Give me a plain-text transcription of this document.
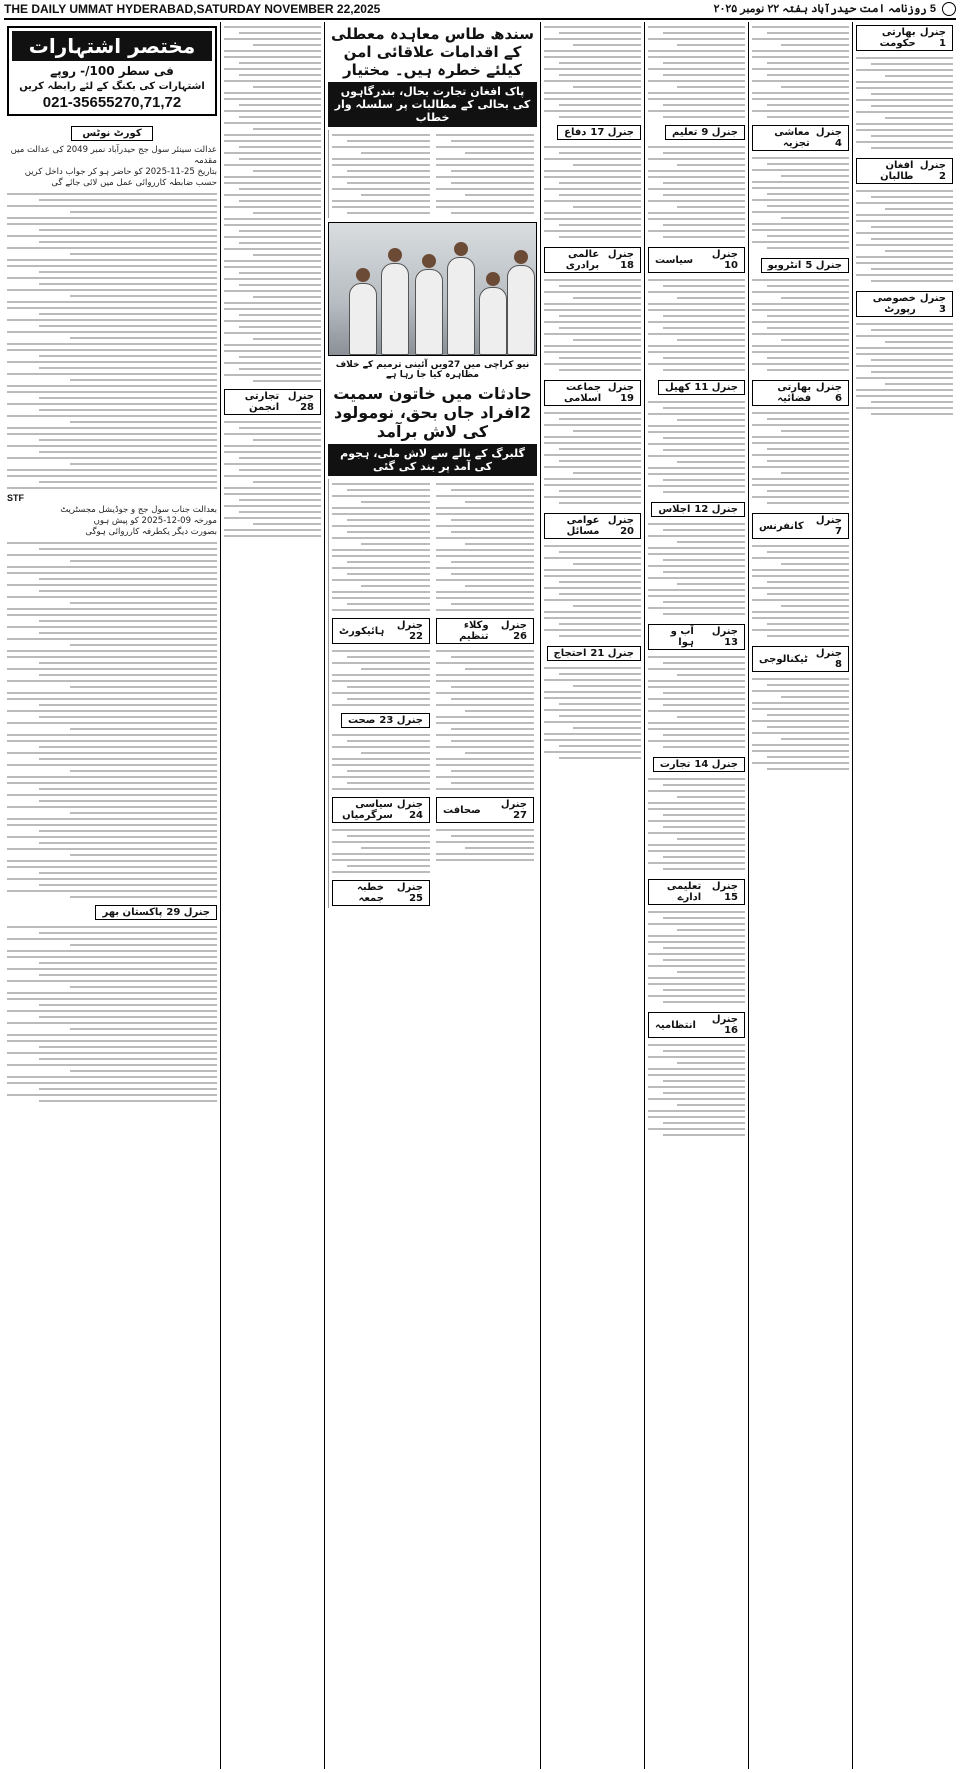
THE DAILY UMMAT HYDERABAD,SATURDAY NOVEMBER 22,2025	5 روزنامہ امت حیدرآباد ہفتہ ۲۲ نومبر ۲۰۲۵
جنرل 1
بھارتی حکومت
جنرل 2
افغان طالبان
جنرل 3
خصوصی رپورٹ
جنرل 4
معاشی تجزیہ
جنرل 5
انٹرویو
جنرل 6
بھارتی فضائیہ
جنرل 7
کانفرنس
جنرل 8
ٹیکنالوجی
جنرل 9
تعلیم
جنرل 10
سیاست
جنرل 11
کھیل
جنرل 12
اجلاس
جنرل 13
آب و ہوا
جنرل 14
تجارت
جنرل 15
تعلیمی ادارے
جنرل 16
انتظامیہ
جنرل 17
دفاع
جنرل 18
عالمی برادری
جنرل 19
جماعت اسلامی
جنرل 20
عوامی مسائل
جنرل 21
احتجاج
سندھ طاس معاہدہ معطلی کے اقدامات علاقائی امن کیلئے خطرہ ہیں۔ مختیار
پاک افغان تجارت بحال، بندرگاہوں کی بحالی کے مطالبات پر سلسلہ وار خطاب
نیو کراچی میں 27ویں آئینی ترمیم کے خلاف مظاہرہ کیا جا رہا ہے
حادثات میں خاتون سمیت 2افراد جاں بحق، نومولود کی لاش برآمد
گلبرگ کے نالے سے لاش ملی، ہجوم کی آمد پر بند کی گئی
جنرل 22
ہائیکورٹ
جنرل 23
صحت
جنرل 24
سیاسی سرگرمیاں
جنرل 25
خطبہ جمعہ
جنرل 26
وکلاء تنظیم
جنرل 27
صحافت
جنرل 28
تجارتی انجمن
مختصر اشتہارات
فی سطر 100/- روپے
اشتہارات کی بکنگ کے لئے رابطہ کریں
021-35655270,71,72
کورٹ نوٹس
عدالت سینئر سول جج حیدرآباد نمبر 2049 کی عدالت میں مقدمہ
بتاریخ 25-11-2025 کو حاضر ہو کر جواب داخل کریں
حسب ضابطہ کارروائی عمل میں لائی جائے گی
STF
بعدالت جناب سول جج و جوڈیشل مجسٹریٹ
مورخہ 09-12-2025 کو پیش ہوں
بصورت دیگر یکطرفہ کارروائی ہوگی
جنرل 29
پاکستان بھر
